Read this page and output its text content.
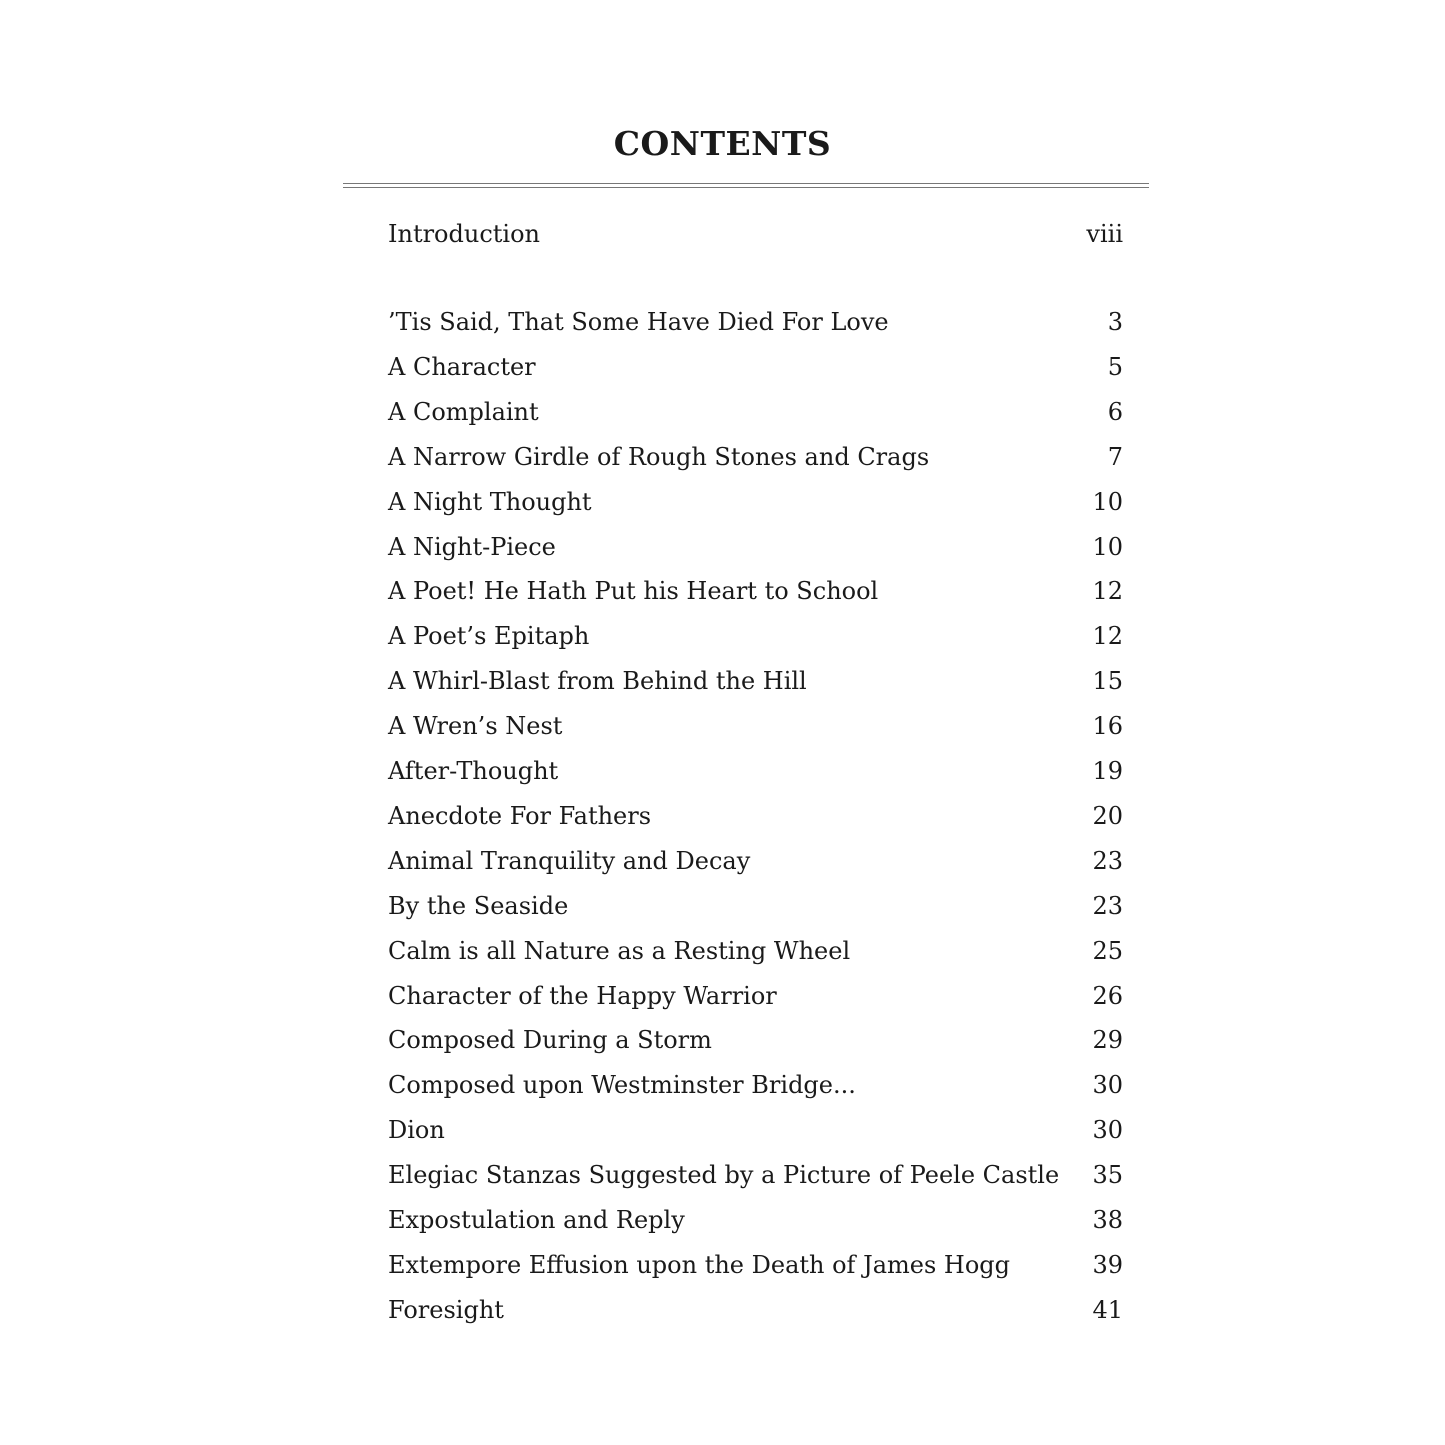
CONTENTS
Introduction	viii
’Tis Said, That Some Have Died For Love	3
A Character	5
A Complaint	6
A Narrow Girdle of Rough Stones and Crags	7
A Night Thought	10
A Night-Piece	10
A Poet! He Hath Put his Heart to School	12
A Poet’s Epitaph	12
A Whirl-Blast from Behind the Hill	15
A Wren’s Nest	16
After-Thought	19
Anecdote For Fathers	20
Animal Tranquility and Decay	23
By the Seaside	23
Calm is all Nature as a Resting Wheel	25
Character of the Happy Warrior	26
Composed During a Storm	29
Composed upon Westminster Bridge...	30
Dion	30
Elegiac Stanzas Suggested by a Picture of Peele Castle 35
Expostulation and Reply	38
Extempore Effusion upon the Death of James Hogg	39
Foresight	41
